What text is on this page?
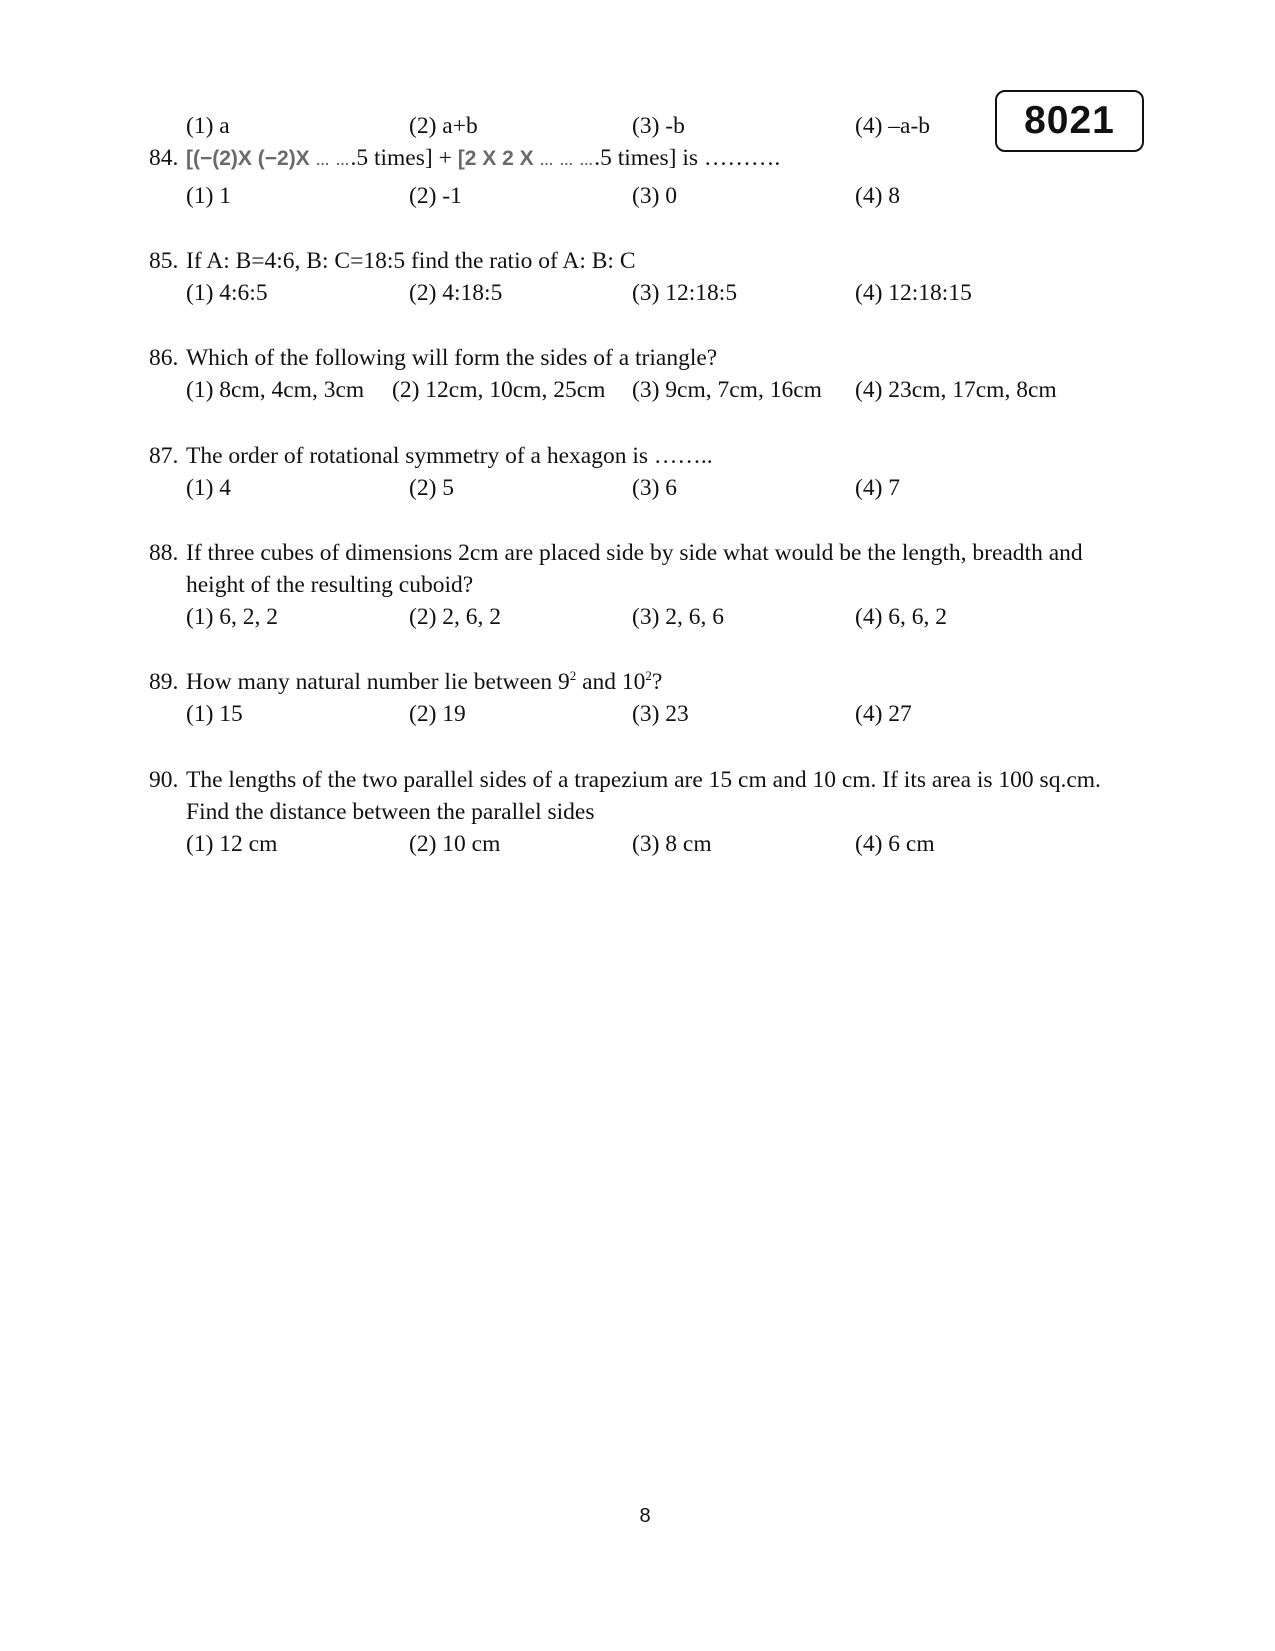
8021
(1) a	(2) a+b	(3) -b	(4) –a-b
84. [(−(2)X (−2)X … ….5 times] + [2 X 2 X … … ….5 times] is ……….
(1) 1	(2) -1	(3) 0	(4) 8
85. If A: B=4:6, B: C=18:5 find the ratio of A: B: C
(1) 4:6:5	(2) 4:18:5	(3) 12:18:5	(4) 12:18:15
86. Which of the following will form the sides of a triangle?
(1) 8cm, 4cm, 3cm (2) 12cm, 10cm, 25cm (3) 9cm, 7cm, 16cm (4) 23cm, 17cm, 8cm
87. The order of rotational symmetry of a hexagon is ……..
(1) 4	(2) 5	(3) 6	(4) 7
88. If three cubes of dimensions 2cm are placed side by side what would be the length, breadth and
height of the resulting cuboid?
(1) 6, 2, 2	(2) 2, 6, 2	(3) 2, 6, 6	(4) 6, 6, 2
89. How many natural number lie between $9^2$ and $10^2$?
(1) 15	(2) 19	(3) 23	(4) 27
90. The lengths of the two parallel sides of a trapezium are 15 cm and 10 cm. If its area is 100 sq.cm.
Find the distance between the parallel sides
(1) 12 cm	(2) 10 cm	(3) 8 cm	(4) 6 cm
8
